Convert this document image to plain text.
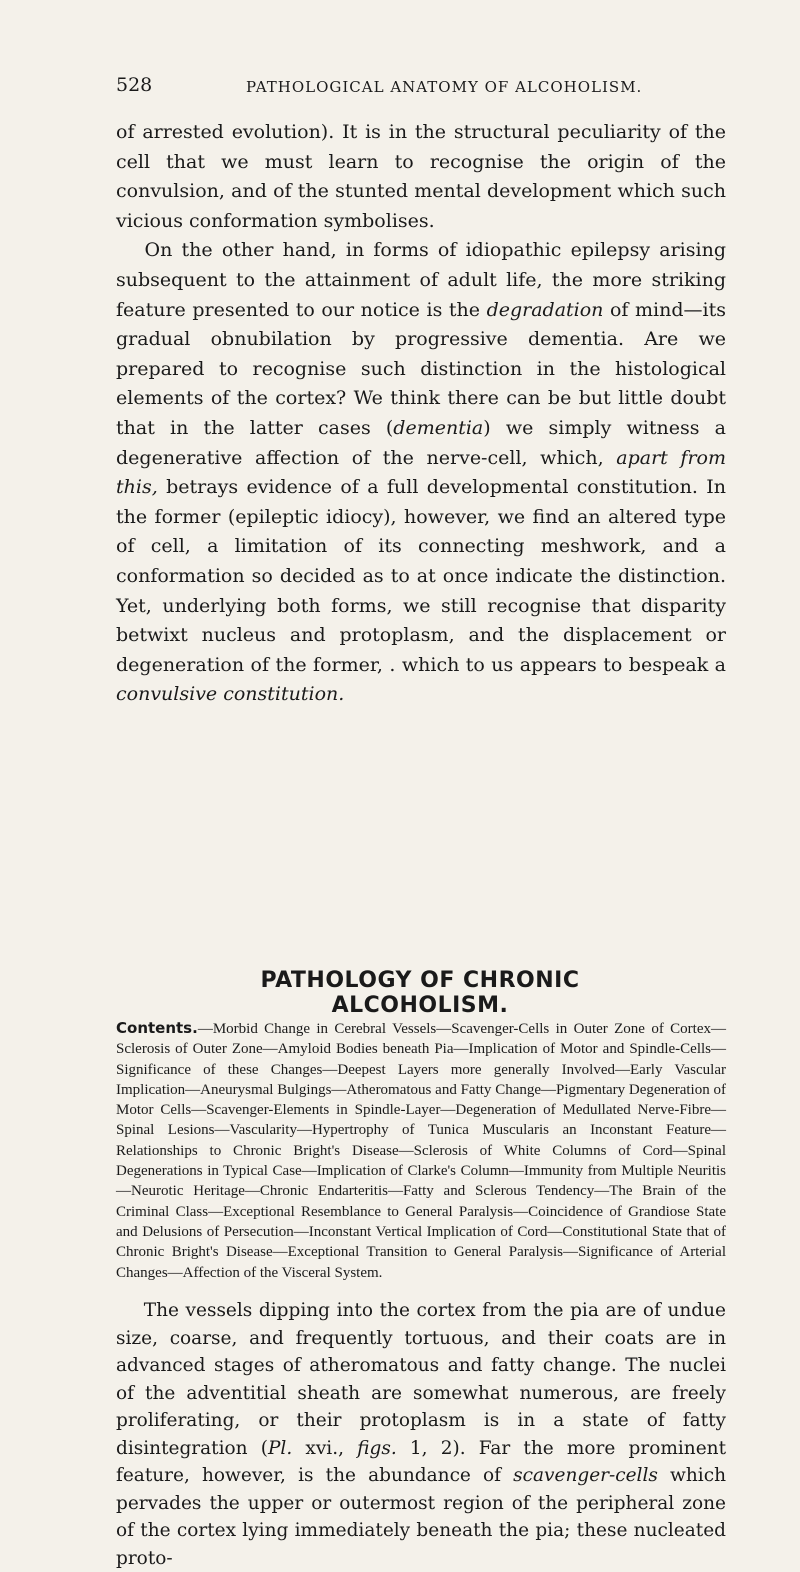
528	PATHOLOGICAL ANATOMY OF ALCOHOLISM.

of arrested evolution). It is in the structural peculiarity of the cell that we must learn to recognise the origin of the convulsion, and of the stunted mental development which such vicious conformation symbolises.

On the other hand, in forms of idiopathic epilepsy arising subsequent to the attainment of adult life, the more striking feature presented to our notice is the degradation of mind—its gradual obnubilation by progressive dementia. Are we prepared to recognise such distinction in the histological elements of the cortex? We think there can be but little doubt that in the latter cases (dementia) we simply witness a degenerative affection of the nerve-cell, which, apart from this, betrays evidence of a full developmental constitution. In the former (epileptic idiocy), however, we find an altered type of cell, a limitation of its connecting meshwork, and a conformation so decided as to at once indicate the distinction. Yet, underlying both forms, we still recognise that disparity betwixt nucleus and protoplasm, and the displacement or degeneration of the former, . which to us appears to bespeak a convulsive constitution.

PATHOLOGY OF CHRONIC ALCOHOLISM.
Contents.—Morbid Change in Cerebral Vessels—Scavenger-Cells in Outer Zone of Cortex—Sclerosis of Outer Zone—Amyloid Bodies beneath Pia—Implication of Motor and Spindle-Cells—Significance of these Changes—Deepest Layers more generally Involved—Early Vascular Implication—Aneurysmal Bulgings—Atheromatous and Fatty Change—Pigmentary Degeneration of Motor Cells—Scavenger-Elements in Spindle-Layer—Degeneration of Medullated Nerve-Fibre—Spinal Lesions—Vascularity—Hypertrophy of Tunica Muscularis an Inconstant Feature—Relationships to Chronic Bright's Disease—Sclerosis of White Columns of Cord—Spinal Degenerations in Typical Case—Implication of Clarke's Column—Immunity from Multiple Neuritis—Neurotic Heritage—Chronic Endarteritis—Fatty and Sclerous Tendency—The Brain of the Criminal Class—Exceptional Resemblance to General Paralysis—Coincidence of Grandiose State and Delusions of Persecution—Inconstant Vertical Implication of Cord—Constitutional State that of Chronic Bright's Disease—Exceptional Transition to General Paralysis—Significance of Arterial Changes—Affection of the Visceral System.

The vessels dipping into the cortex from the pia are of undue size, coarse, and frequently tortuous, and their coats are in advanced stages of atheromatous and fatty change. The nuclei of the adventitial sheath are somewhat numerous, are freely proliferating, or their protoplasm is in a state of fatty disintegration (Pl. xvi., figs. 1, 2). Far the more prominent feature, however, is the abundance of scavenger-cells which pervades the upper or outermost region of the peripheral zone of the cortex lying immediately beneath the pia; these nucleated proto-
